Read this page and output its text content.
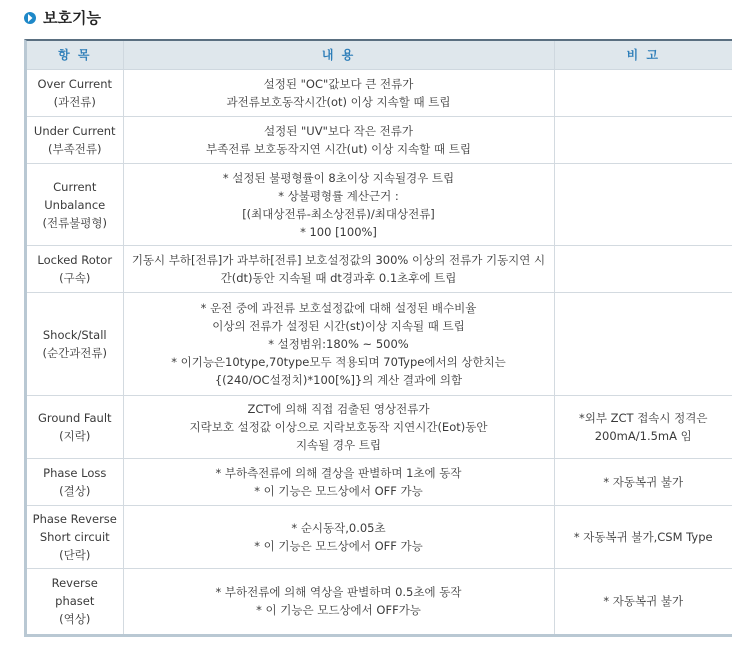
보호기능
항 목	내 용	비 고

Over Current
(과전류)	설정된 "OC"값보다 큰 전류가
과전류보호동작시간(ot) 이상 지속할 때 트립	

Under Current
(부족전류)	설정된 "UV"보다 작은 전류가
부족전류 보호동작지연 시간(ut) 이상 지속할 때 트립	

Current
Unbalance
(전류불평형)	* 설정된 불평형률이 8초이상 지속될경우 트립
* 상불평형률 계산근거 :
[(최대상전류-최소상전류)/최대상전류]
* 100 [100%]	

Locked Rotor
(구속)	기동시 부하[전류]가 과부하[전류] 보호설정값의 300% 이상의 전류가 기동지연 시간(dt)동안 지속될 때 dt경과후 0.1초후에 트립	

Shock/Stall
(순간과전류)	* 운전 중에 과전류 보호설정값에 대해 설정된 배수비율
이상의 전류가 설정된 시간(st)이상 지속될 때 트립
* 설정범위:180% ~ 500%
* 이기능은10type,70type모두 적용되며 70Type에서의 상한치는
{(240/OC설정치)*100[%]}의 계산 결과에 의함	

Ground Fault
(지락)	ZCT에 의해 직접 검출된 영상전류가
지락보호 설정값 이상으로 지락보호동작 지연시간(Eot)동안
지속될 경우 트립	*외부 ZCT 접속시 정격은
200mA/1.5mA 임

Phase Loss
(결상)	* 부하측전류에 의해 결상을 판별하며 1초에 동작
* 이 기능은 모드상에서 OFF 가능	* 자동복귀 불가

Phase Reverse
Short circuit
(단락)	* 순시동작,0.05초
* 이 기능은 모드상에서 OFF 가능	* 자동복귀 불가,CSM Type

Reverse
phaset
(역상)	* 부하전류에 의해 역상을 판별하며 0.5초에 동작
* 이 기능은 모드상에서 OFF가능	* 자동복귀 불가
